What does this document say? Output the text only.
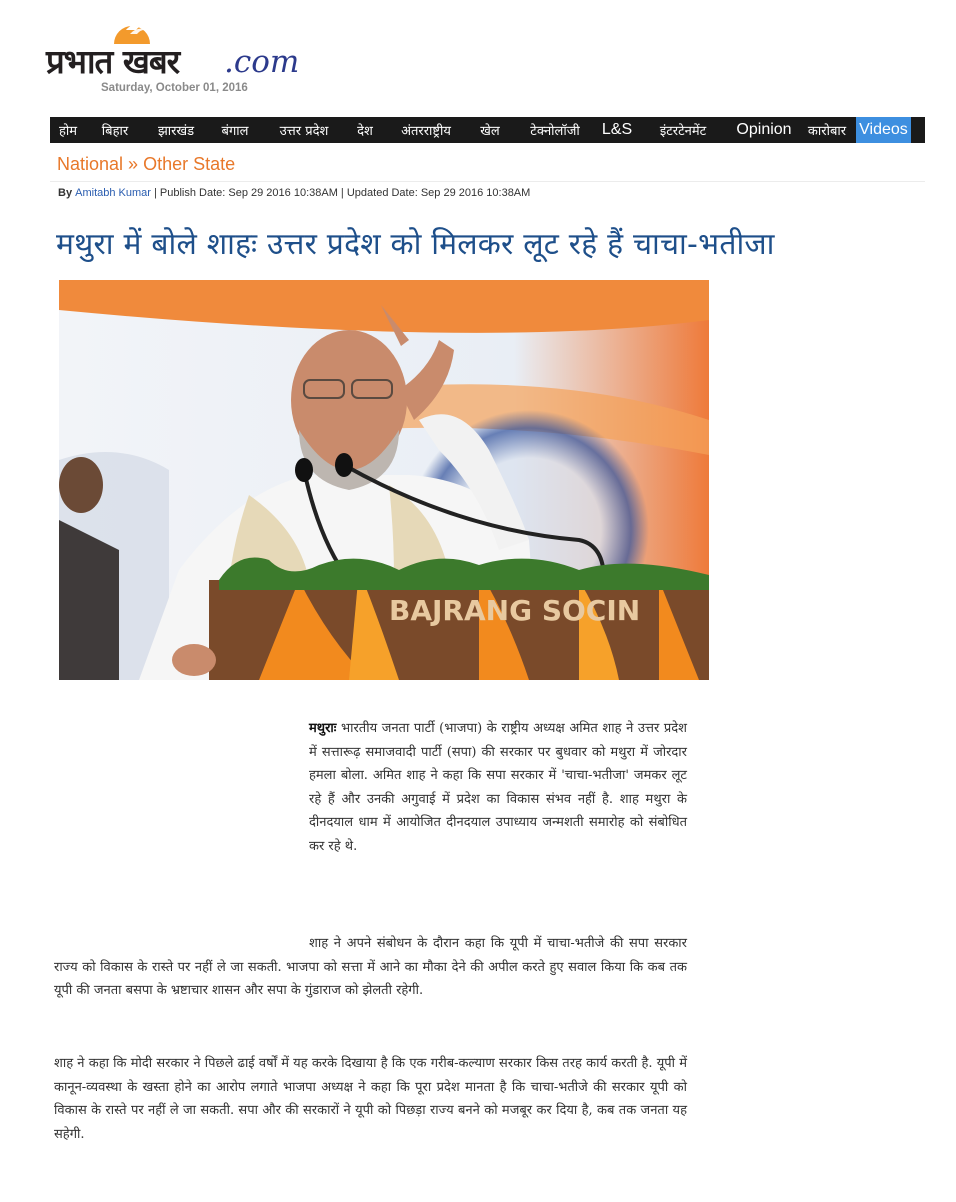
प्रभात खबर .com
Saturday, October 01, 2016
होम	बिहार	झारखंड	बंगाल	उत्तर प्रदेश	देश	अंतरराष्ट्रीय	खेल	टेक्नोलॉजी	L&S	इंटरटेनमेंट	Opinion	कारोबार Videos
National » Other State
By Amitabh Kumar | Publish Date: Sep 29 2016 10:38AM | Updated Date: Sep 29 2016 10:38AM
मथुरा में बोले शाहः उत्तर प्रदेश को मिलकर लूट रहे हैं चाचा-भतीजा
BAJRANG SOCIN

मथुराः भारतीय जनता पार्टी (भाजपा) के राष्ट्रीय अध्यक्ष अमित शाह ने उत्तर प्रदेश में सत्तारूढ़ समाजवादी पार्टी (सपा) की सरकार पर बुधवार को मथुरा में जोरदार हमला बोला. अमित शाह ने कहा कि सपा सरकार में 'चाचा-भतीजा' जमकर लूट रहे हैं और उनकी अगुवाई में प्रदेश का विकास संभव नहीं है. शाह मथुरा के दीनदयाल धाम में आयोजित दीनदयाल उपाध्याय जन्मशती समारोह को संबोधित कर रहे थे.

शाह ने अपने संबोधन के दौरान कहा कि यूपी में चाचा-भतीजे की सपा सरकार राज्य को विकास के रास्ते पर नहीं ले जा सकती. भाजपा को सत्ता में आने का मौका देने की अपील करते हुए सवाल किया कि कब तक यूपी की जनता बसपा के भ्रष्टाचार शासन और सपा के गुंडाराज को झेलती रहेगी.

शाह ने कहा कि मोदी सरकार ने पिछले ढाई वर्षों में यह करके दिखाया है कि एक गरीब-कल्याण सरकार किस तरह कार्य करती है. यूपी में कानून-व्यवस्था के खस्ता होने का आरोप लगाते भाजपा अध्यक्ष ने कहा कि पूरा प्रदेश मानता है कि चाचा-भतीजे की सरकार यूपी को विकास के रास्ते पर नहीं ले जा सकती. सपा और की सरकारों ने यूपी को पिछड़ा राज्य बनने को मजबूर कर दिया है, कब तक जनता यह सहेगी.
